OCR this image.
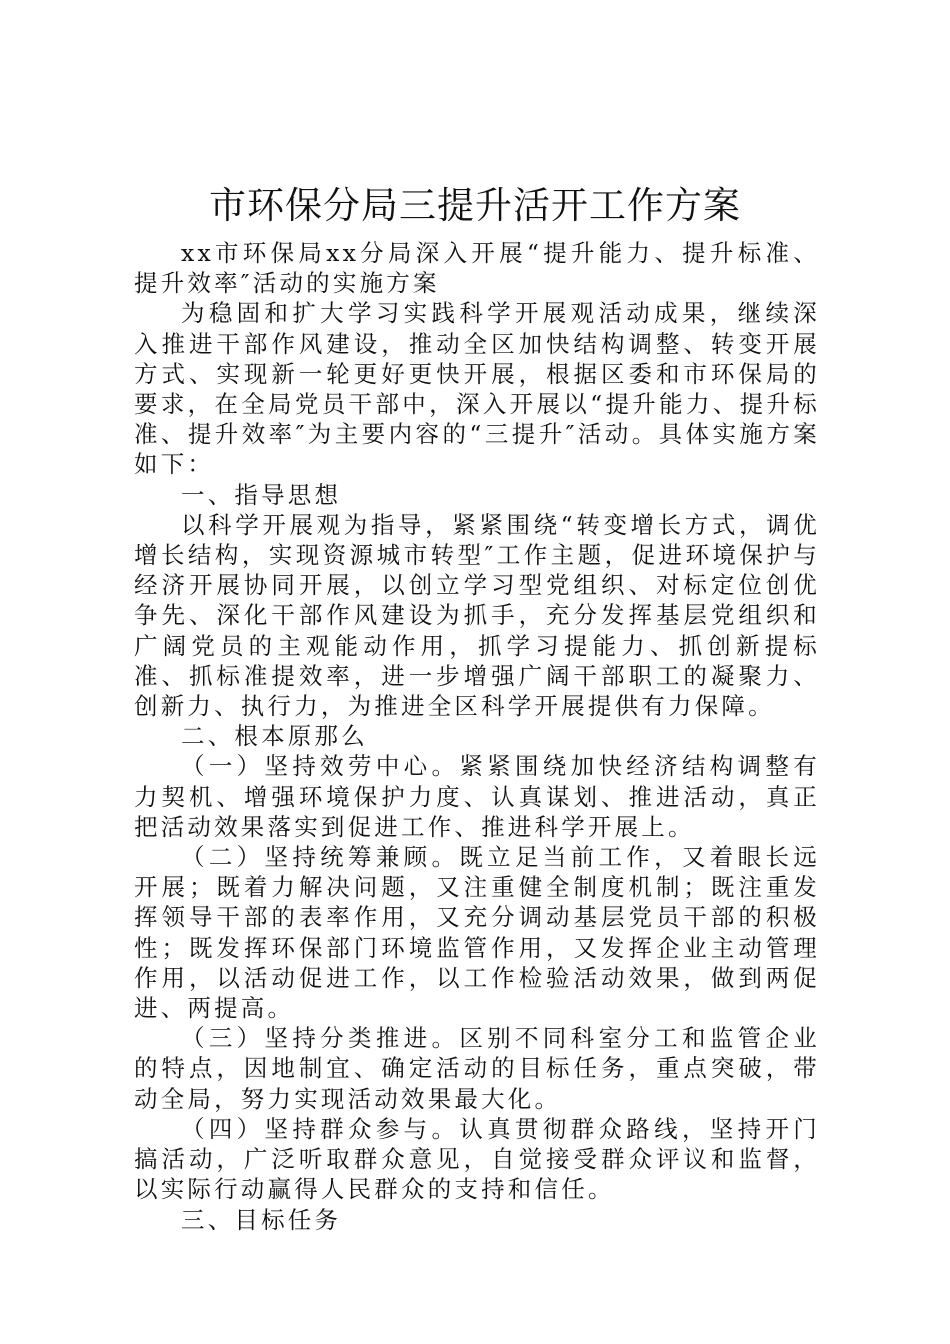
市环保分局三提升活开工作方案

xx市环保局xx分局深入开展“提升能力、提升标准、提升效率″活动的实施方案

为稳固和扩大学习实践科学开展观活动成果，继续深入推进干部作风建设，推动全区加快结构调整、转变开展方式、实现新一轮更好更快开展，根据区委和市环保局的要求，在全局党员干部中，深入开展以“提升能力、提升标准、提升效率″为主要内容的“三提升″活动。具体实施方案如下：

一、指导思想

以科学开展观为指导，紧紧围绕“转变增长方式，调优增长结构，实现资源城市转型″工作主题，促进环境保护与经济开展协同开展，以创立学习型党组织、对标定位创优争先、深化干部作风建设为抓手，充分发挥基层党组织和广阔党员的主观能动作用，抓学习提能力、抓创新提标准、抓标准提效率，进一步增强广阔干部职工的凝聚力、创新力、执行力，为推进全区科学开展提供有力保障。

二、根本原那么

（一）坚持效劳中心。紧紧围绕加快经济结构调整有力契机、增强环境保护力度、认真谋划、推进活动，真正把活动效果落实到促进工作、推进科学开展上。

（二）坚持统筹兼顾。既立足当前工作，又着眼长远开展；既着力解决问题，又注重健全制度机制；既注重发挥领导干部的表率作用，又充分调动基层党员干部的积极性；既发挥环保部门环境监管作用，又发挥企业主动管理作用，以活动促进工作，以工作检验活动效果，做到两促进、两提高。

（三）坚持分类推进。区别不同科室分工和监管企业的特点，因地制宜、确定活动的目标任务，重点突破，带动全局，努力实现活动效果最大化。

（四）坚持群众参与。认真贯彻群众路线，坚持开门搞活动，广泛听取群众意见，自觉接受群众评议和监督，以实际行动赢得人民群众的支持和信任。

三、目标任务
